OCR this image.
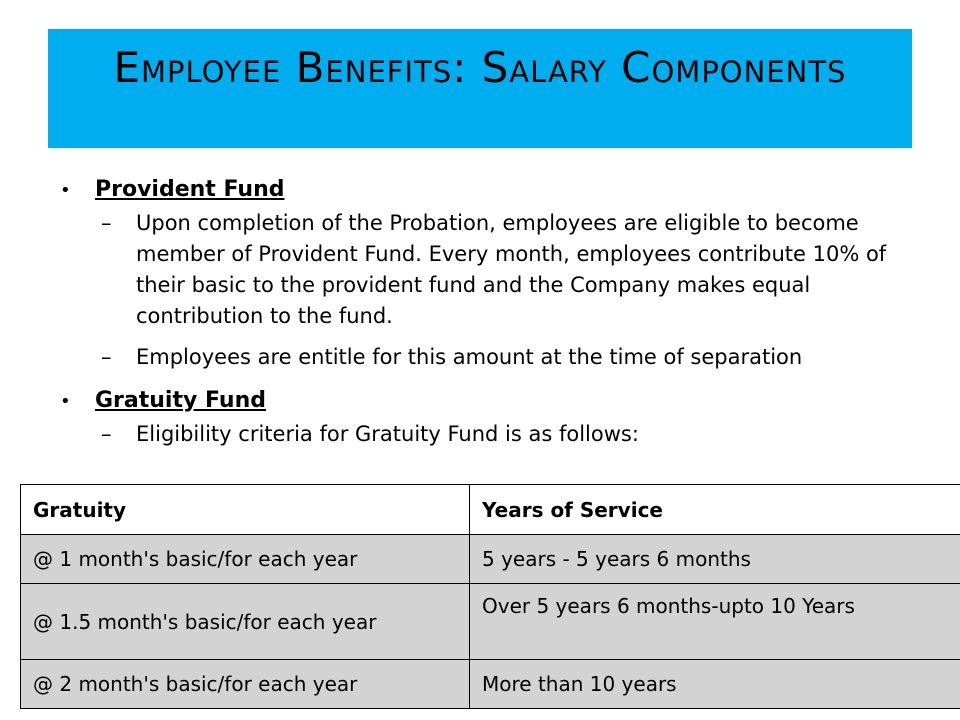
Employee Benefits: Salary Components
• Provident Fund
– Upon completion of the Probation, employees are eligible to become member of Provident Fund. Every month, employees contribute 10% of their basic to the provident fund and the Company makes equal contribution to the fund.
– Employees are entitle for this amount at the time of separation
• Gratuity Fund
– Eligibility criteria for Gratuity Fund is as follows:
Gratuity	Years of Service
@ 1 month's basic/for each year	5 years - 5 years 6 months
@ 1.5 month's basic/for each year	Over 5 years 6 months-upto 10 Years
@ 2 month's basic/for each year	More than 10 years
